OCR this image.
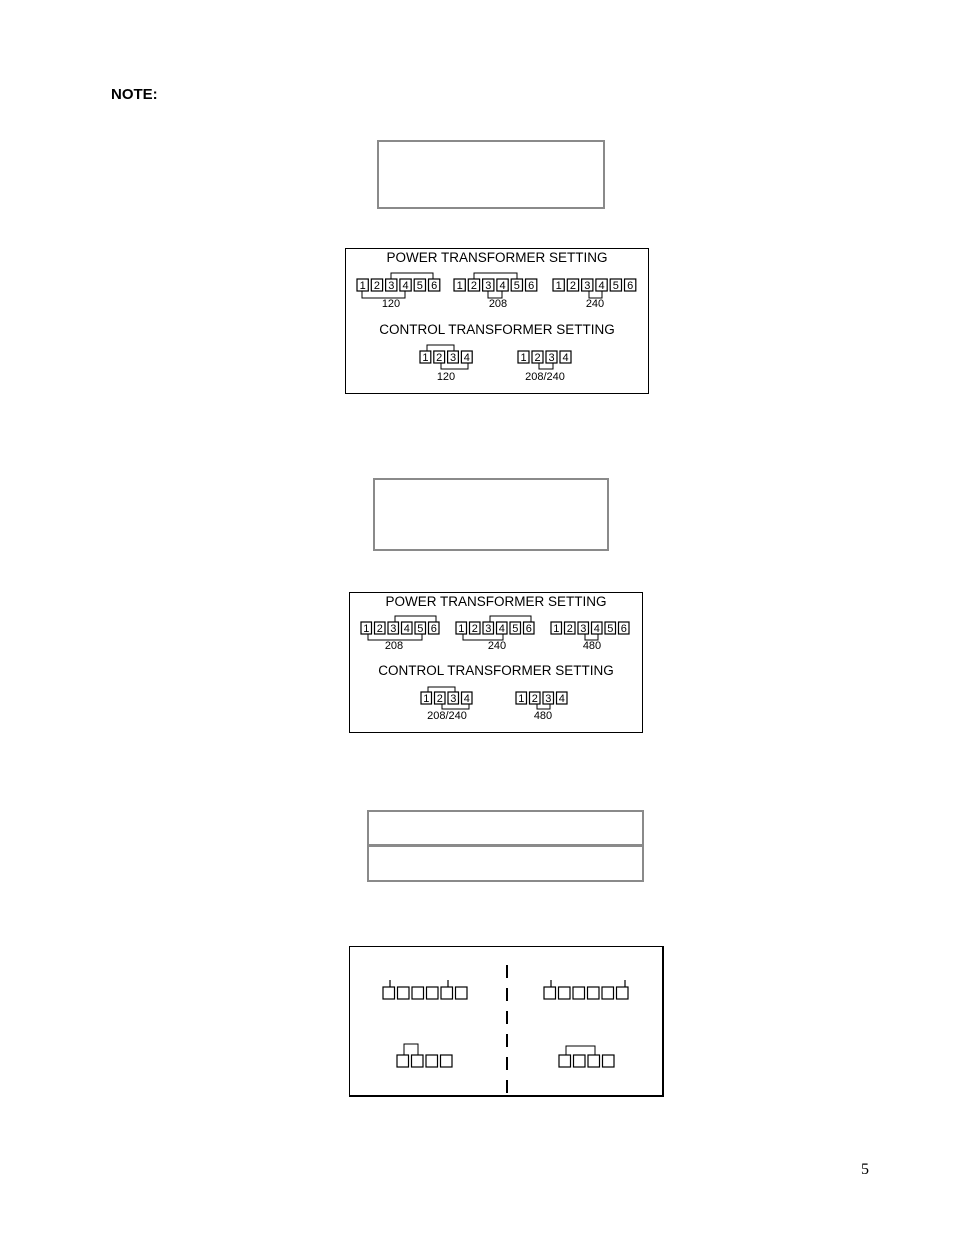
NOTE:
POWER TRANSFORMER SETTING
1 2 3 4 5 6 1 2 3 4 5 6 1 2 3 4 5 6
120	208	240
CONTROL TRANSFORMER SETTING
1 2 3 4	1 2 3 4
120	208/240
POWER TRANSFORMER SETTING
1 2 3 4 5 6 1 2 3 4 5 6 1 2 3 4 5 6
208	240	480
CONTROL TRANSFORMER SETTING
1 2 3 4	1 2 3 4
208/240	480
5
